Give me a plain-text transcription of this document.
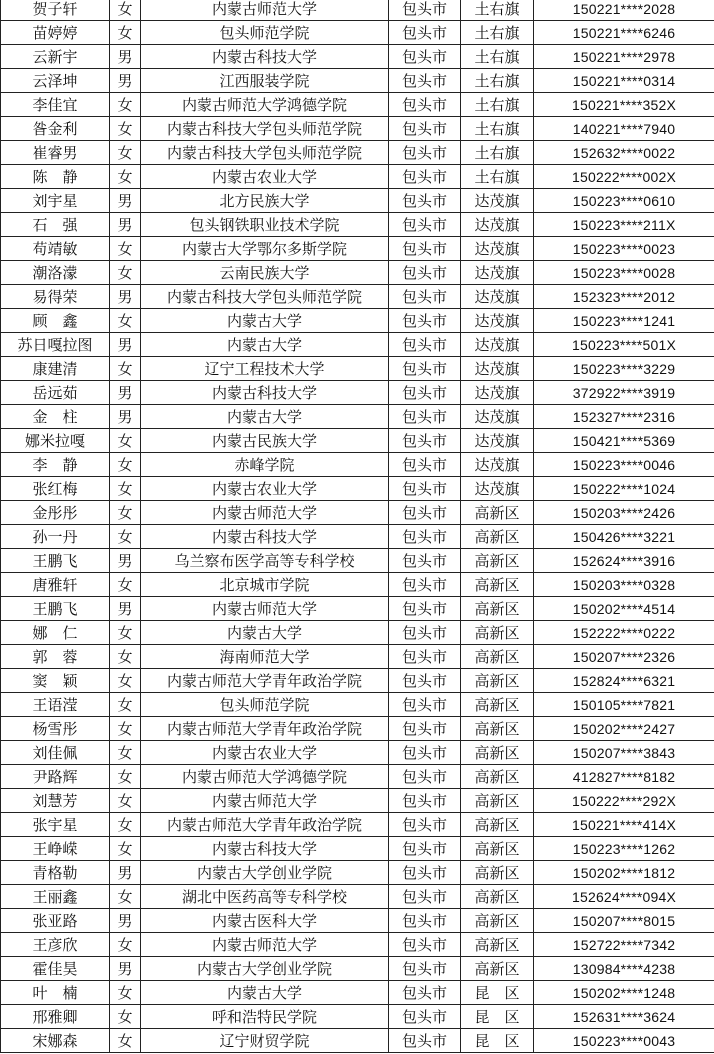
贺子轩	女	内蒙古师范大学	包头市	土右旗	150221****2028
苗婷婷	女	包头师范学院	包头市	土右旗	150221****6246
云新宇	男	内蒙古科技大学	包头市	土右旗	150221****2978
云泽坤	男	江西服装学院	包头市	土右旗	150221****0314
李佳宜	女	内蒙古师范大学鸿德学院	包头市	土右旗	150221****352X
昝金利	女	内蒙古科技大学包头师范学院	包头市	土右旗	140221****7940
崔睿男	女	内蒙古科技大学包头师范学院	包头市	土右旗	152632****0022
陈　静	女	内蒙古农业大学	包头市	土右旗	150222****002X
刘宇星	男	北方民族大学	包头市	达茂旗	150223****0610
石　强	男	包头钢铁职业技术学院	包头市	达茂旗	150223****211X
苟靖敏	女	内蒙古大学鄂尔多斯学院	包头市	达茂旗	150223****0023
潮洛濛	女	云南民族大学	包头市	达茂旗	150223****0028
易得荣	男	内蒙古科技大学包头师范学院	包头市	达茂旗	152323****2012
顾　鑫	女	内蒙古大学	包头市	达茂旗	150223****1241
苏日嘎拉图	男	内蒙古大学	包头市	达茂旗	150223****501X
康建清	女	辽宁工程技术大学	包头市	达茂旗	150223****3229
岳远茹	男	内蒙古科技大学	包头市	达茂旗	372922****3919
金　柱	男	内蒙古大学	包头市	达茂旗	152327****2316
娜米拉嘎	女	内蒙古民族大学	包头市	达茂旗	150421****5369
李　静	女	赤峰学院	包头市	达茂旗	150223****0046
张红梅	女	内蒙古农业大学	包头市	达茂旗	150222****1024
金彤彤	女	内蒙古师范大学	包头市	高新区	150203****2426
孙一丹	女	内蒙古科技大学	包头市	高新区	150426****3221
王鹏飞	男	乌兰察布医学高等专科学校	包头市	高新区	152624****3916
唐雅轩	女	北京城市学院	包头市	高新区	150203****0328
王鹏飞	男	内蒙古师范大学	包头市	高新区	150202****4514
娜　仁	女	内蒙古大学	包头市	高新区	152222****0222
郭　蓉	女	海南师范大学	包头市	高新区	150207****2326
窦　颖	女	内蒙古师范大学青年政治学院	包头市	高新区	152824****6321
王语滢	女	包头师范学院	包头市	高新区	150105****7821
杨雪彤	女	内蒙古师范大学青年政治学院	包头市	高新区	150202****2427
刘佳佩	女	内蒙古农业大学	包头市	高新区	150207****3843
尹路辉	女	内蒙古师范大学鸿德学院	包头市	高新区	412827****8182
刘慧芳	女	内蒙古师范大学	包头市	高新区	150222****292X
张宇星	女	内蒙古师范大学青年政治学院	包头市	高新区	150221****414X
王峥嵘	女	内蒙古科技大学	包头市	高新区	150223****1262
青格勒	男	内蒙古大学创业学院	包头市	高新区	150202****1812
王丽鑫	女	湖北中医药高等专科学校	包头市	高新区	152624****094X
张亚路	男	内蒙古医科大学	包头市	高新区	150207****8015
王彦欣	女	内蒙古师范大学	包头市	高新区	152722****7342
霍佳昊	男	内蒙古大学创业学院	包头市	高新区	130984****4238
叶　楠	女	内蒙古大学	包头市	昆　区	150202****1248
邢雅卿	女	呼和浩特民学院	包头市	昆　区	152631****3624
宋娜森	女	辽宁财贸学院	包头市	昆　区	150223****0043
